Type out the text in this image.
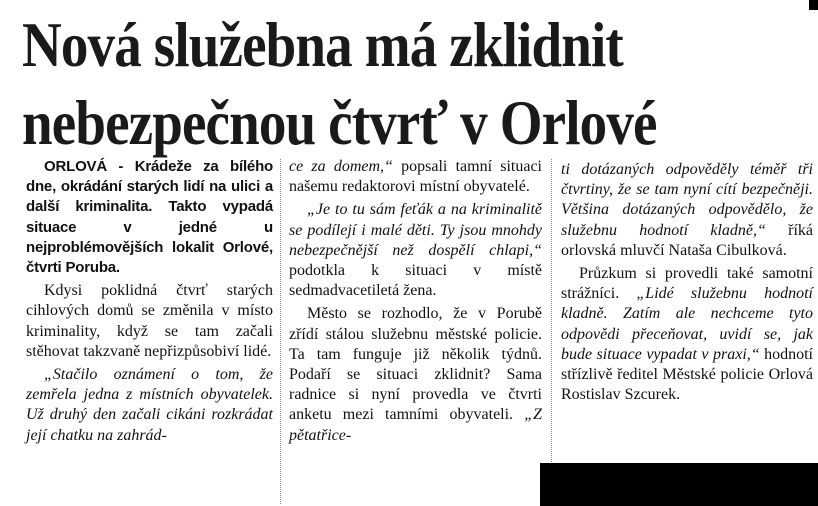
Nová služebna má zklidnit
nebezpečnou čtvrť v Orlové

ORLOVÁ - Krádeže za bílého dne, okrádání starých lidí na ulici a další kriminalita. Takto vypadá situace v jedné u nejproblémovějších lokalit Orlové, čtvrti Poruba.

Kdysi poklidná čtvrť starých cihlových domů se změnila v místo kriminality, když se tam začali stěhovat takzvaně nepřizpůsobiví lidé.

„Stačilo oznámení o tom, že zemřela jedna z místních obyvatelek. Už druhý den začali cikáni rozkrádat její chatku na zahrád-

ce za domem,“ popsali tamní situaci našemu redaktorovi místní obyvatelé.

„Je to tu sám feťák a na kriminalitě se podílejí i malé děti. Ty jsou mnohdy nebezpečnější než dospělí chlapi,“ podotkla k situaci v místě sedmadvacetiletá žena.

Město se rozhodlo, že v Porubě zřídí stálou služebnu městské policie. Ta tam funguje již několik týdnů. Podaří se situaci zklidnit? Sama radnice si nyní provedla ve čtvrti anketu mezi tamními obyvateli. „Z pětatřice-

ti dotázaných odpověděly téměř tři čtvrtiny, že se tam nyní cítí bezpečněji. Většina dotázaných odpovědělo, že služebnu hodnotí kladně,“ říká orlovská mluvčí Nataša Cibulková.

Průzkum si provedli také samotní strážníci. „Lidé služebnu hodnotí kladně. Zatím ale nechceme tyto odpovědi přeceňovat, uvidí se, jak bude situace vypadat v praxi,“ hodnotí střízlivě ředitel Městské policie Orlová Rostislav Szcurek.
